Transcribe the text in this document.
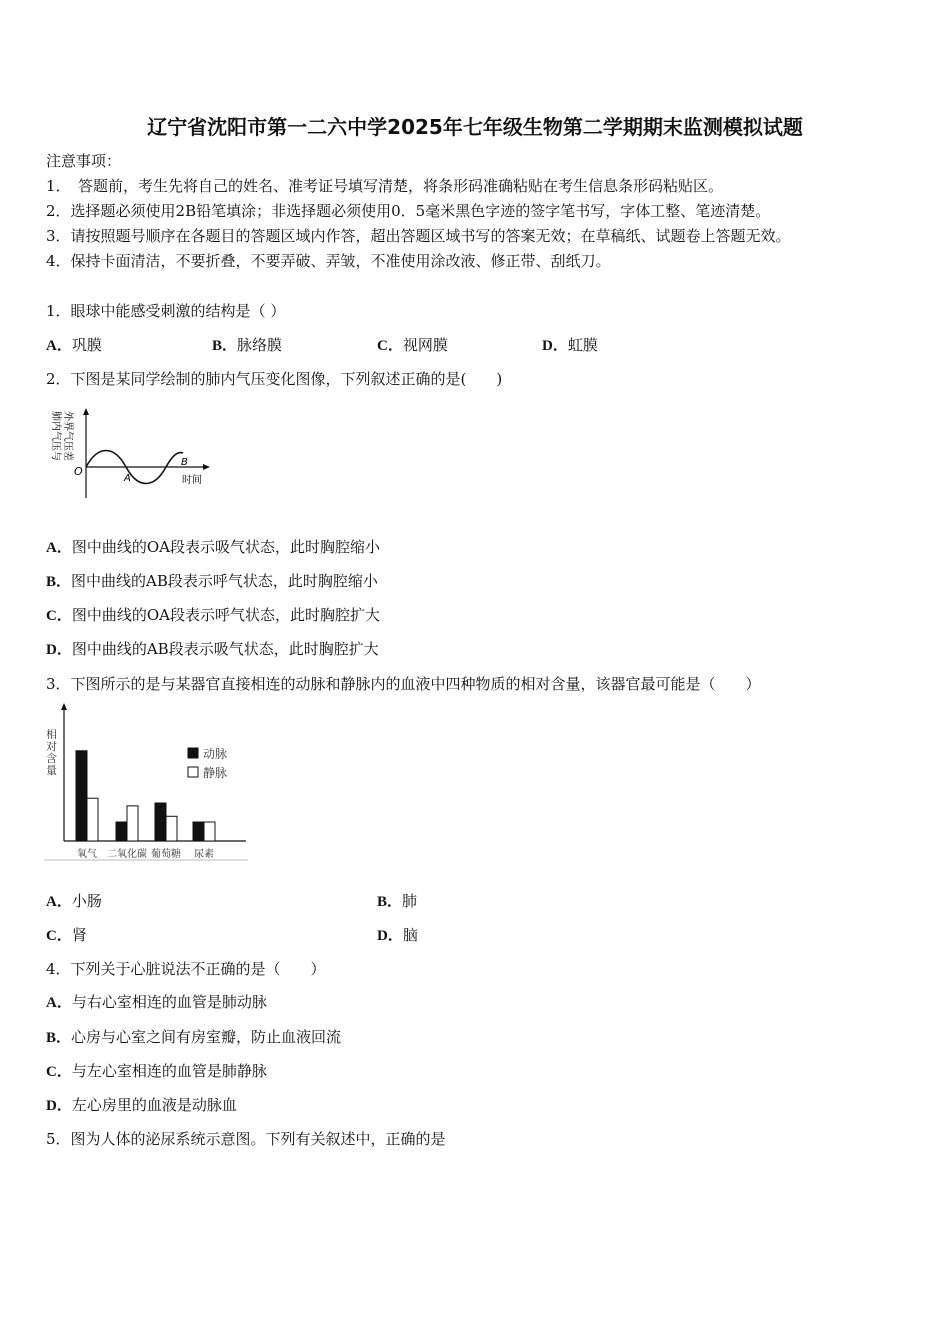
辽宁省沈阳市第一二六中学2025年七年级生物第二学期期末监测模拟试题
注意事项：
1．　答题前，考生先将自己的姓名、准考证号填写清楚，将条形码准确粘贴在考生信息条形码粘贴区。
2．选择题必须使用2B铅笔填涂；非选择题必须使用0．5毫米黑色字迹的签字笔书写，字体工整、笔迹清楚。
3．请按照题号顺序在各题目的答题区域内作答，超出答题区域书写的答案无效；在草稿纸、试题卷上答题无效。
4．保持卡面清洁，不要折叠，不要弄破、弄皱，不准使用涂改液、修正带、刮纸刀。
1．眼球中能感受刺激的结构是（ ）
A．巩膜	B．脉络膜	C．视网膜	D．虹膜
2．下图是某同学绘制的肺内气压变化图像，下列叙述正确的是(　　)
肺内气压与 外界气压差
O
A
B
时间
A．图中曲线的OA段表示吸气状态，此时胸腔缩小
B．图中曲线的AB段表示呼气状态，此时胸腔缩小
C．图中曲线的OA段表示呼气状态，此时胸腔扩大
D．图中曲线的AB段表示吸气状态，此时胸腔扩大
3．下图所示的是与某器官直接相连的动脉和静脉内的血液中四种物质的相对含量，该器官最可能是（　　）
相
对
含
量
氧气 二氧化碳 葡萄糖 尿素
动脉
静脉
A．小肠	B．肺
C．肾	D．脑
4．下列关于心脏说法不正确的是（　　）
A．与右心室相连的血管是肺动脉
B．心房与心室之间有房室瓣，防止血液回流
C．与左心室相连的血管是肺静脉
D．左心房里的血液是动脉血
5．图为人体的泌尿系统示意图。下列有关叙述中，正确的是
